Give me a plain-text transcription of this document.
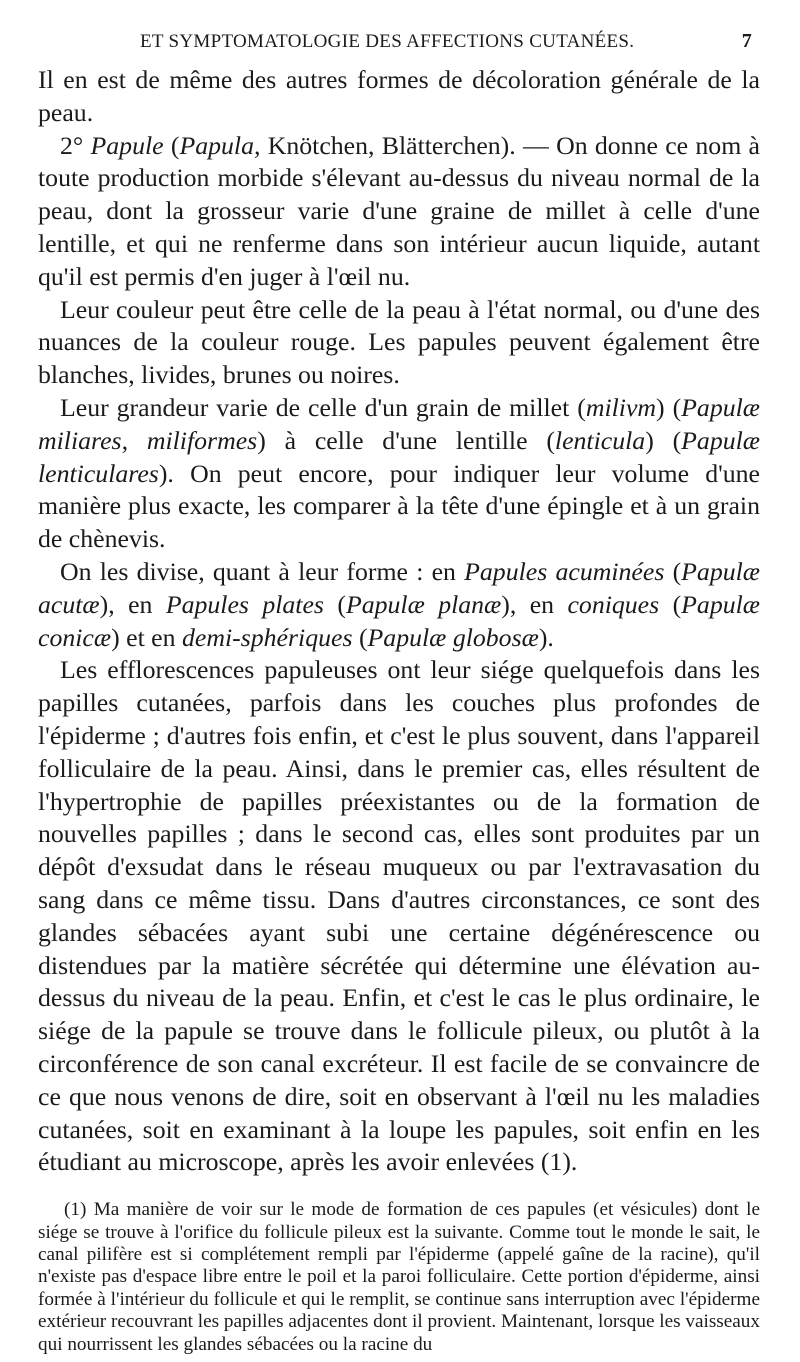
ET SYMPTOMATOLOGIE DES AFFECTIONS CUTANÉES.	7

Il en est de même des autres formes de décoloration générale de la peau.

2° Papule (Papula, Knötchen, Blätterchen). — On donne ce nom à toute production morbide s'élevant au-dessus du niveau normal de la peau, dont la grosseur varie d'une graine de millet à celle d'une lentille, et qui ne renferme dans son intérieur aucun liquide, autant qu'il est permis d'en juger à l'œil nu.

Leur couleur peut être celle de la peau à l'état normal, ou d'une des nuances de la couleur rouge. Les papules peuvent également être blanches, livides, brunes ou noires.

Leur grandeur varie de celle d'un grain de millet (milivm) (Papulæ miliares, miliformes) à celle d'une lentille (lenticula) (Papulæ lenticulares). On peut encore, pour indiquer leur volume d'une manière plus exacte, les comparer à la tête d'une épingle et à un grain de chènevis.

On les divise, quant à leur forme : en Papules acuminées (Papulæ acutæ), en Papules plates (Papulæ planæ), en coniques (Papulæ conicæ) et en demi-sphériques (Papulæ globosæ).

Les efflorescences papuleuses ont leur siége quelquefois dans les papilles cutanées, parfois dans les couches plus profondes de l'épiderme ; d'autres fois enfin, et c'est le plus souvent, dans l'appareil folliculaire de la peau. Ainsi, dans le premier cas, elles résultent de l'hypertrophie de papilles préexistantes ou de la formation de nouvelles papilles ; dans le second cas, elles sont produites par un dépôt d'exsudat dans le réseau muqueux ou par l'extravasation du sang dans ce même tissu. Dans d'autres circonstances, ce sont des glandes sébacées ayant subi une certaine dégénérescence ou distendues par la matière sécrétée qui détermine une élévation au-dessus du niveau de la peau. Enfin, et c'est le cas le plus ordinaire, le siége de la papule se trouve dans le follicule pileux, ou plutôt à la circonférence de son canal excréteur. Il est facile de se convaincre de ce que nous venons de dire, soit en observant à l'œil nu les maladies cutanées, soit en examinant à la loupe les papules, soit enfin en les étudiant au microscope, après les avoir enlevées (1).

(1) Ma manière de voir sur le mode de formation de ces papules (et vésicules) dont le siége se trouve à l'orifice du follicule pileux est la suivante. Comme tout le monde le sait, le canal pilifère est si complétement rempli par l'épiderme (appelé gaîne de la racine), qu'il n'existe pas d'espace libre entre le poil et la paroi folliculaire. Cette portion d'épiderme, ainsi formée à l'intérieur du follicule et qui le remplit, se continue sans interruption avec l'épiderme extérieur recouvrant les papilles adjacentes dont il provient. Maintenant, lorsque les vaisseaux qui nourrissent les glandes sébacées ou la racine du
